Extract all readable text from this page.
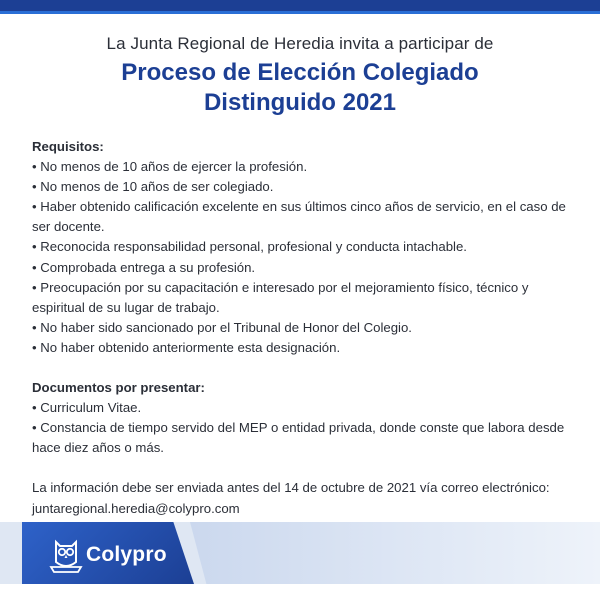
La Junta Regional de Heredia invita a participar de
Proceso de Elección Colegiado
Distinguido 2021
Requisitos:
• No menos de 10 años de ejercer la profesión.
• No menos de 10 años de ser colegiado.
• Haber obtenido calificación excelente en sus últimos cinco años de servicio, en el caso de ser docente.
• Reconocida responsabilidad personal, profesional y conducta intachable.
• Comprobada entrega a su profesión.
• Preocupación por su capacitación e interesado por el mejoramiento físico, técnico y espiritual de su lugar de trabajo.
• No haber sido sancionado por el Tribunal de Honor del Colegio.
• No haber obtenido anteriormente esta designación.
Documentos por presentar:
• Curriculum Vitae.
• Constancia de tiempo servido del MEP o entidad privada, donde conste que labora desde hace diez años o más.
La información debe ser enviada antes del 14 de octubre de 2021 vía correo electrónico: juntaregional.heredia@colypro.com
Colypro
